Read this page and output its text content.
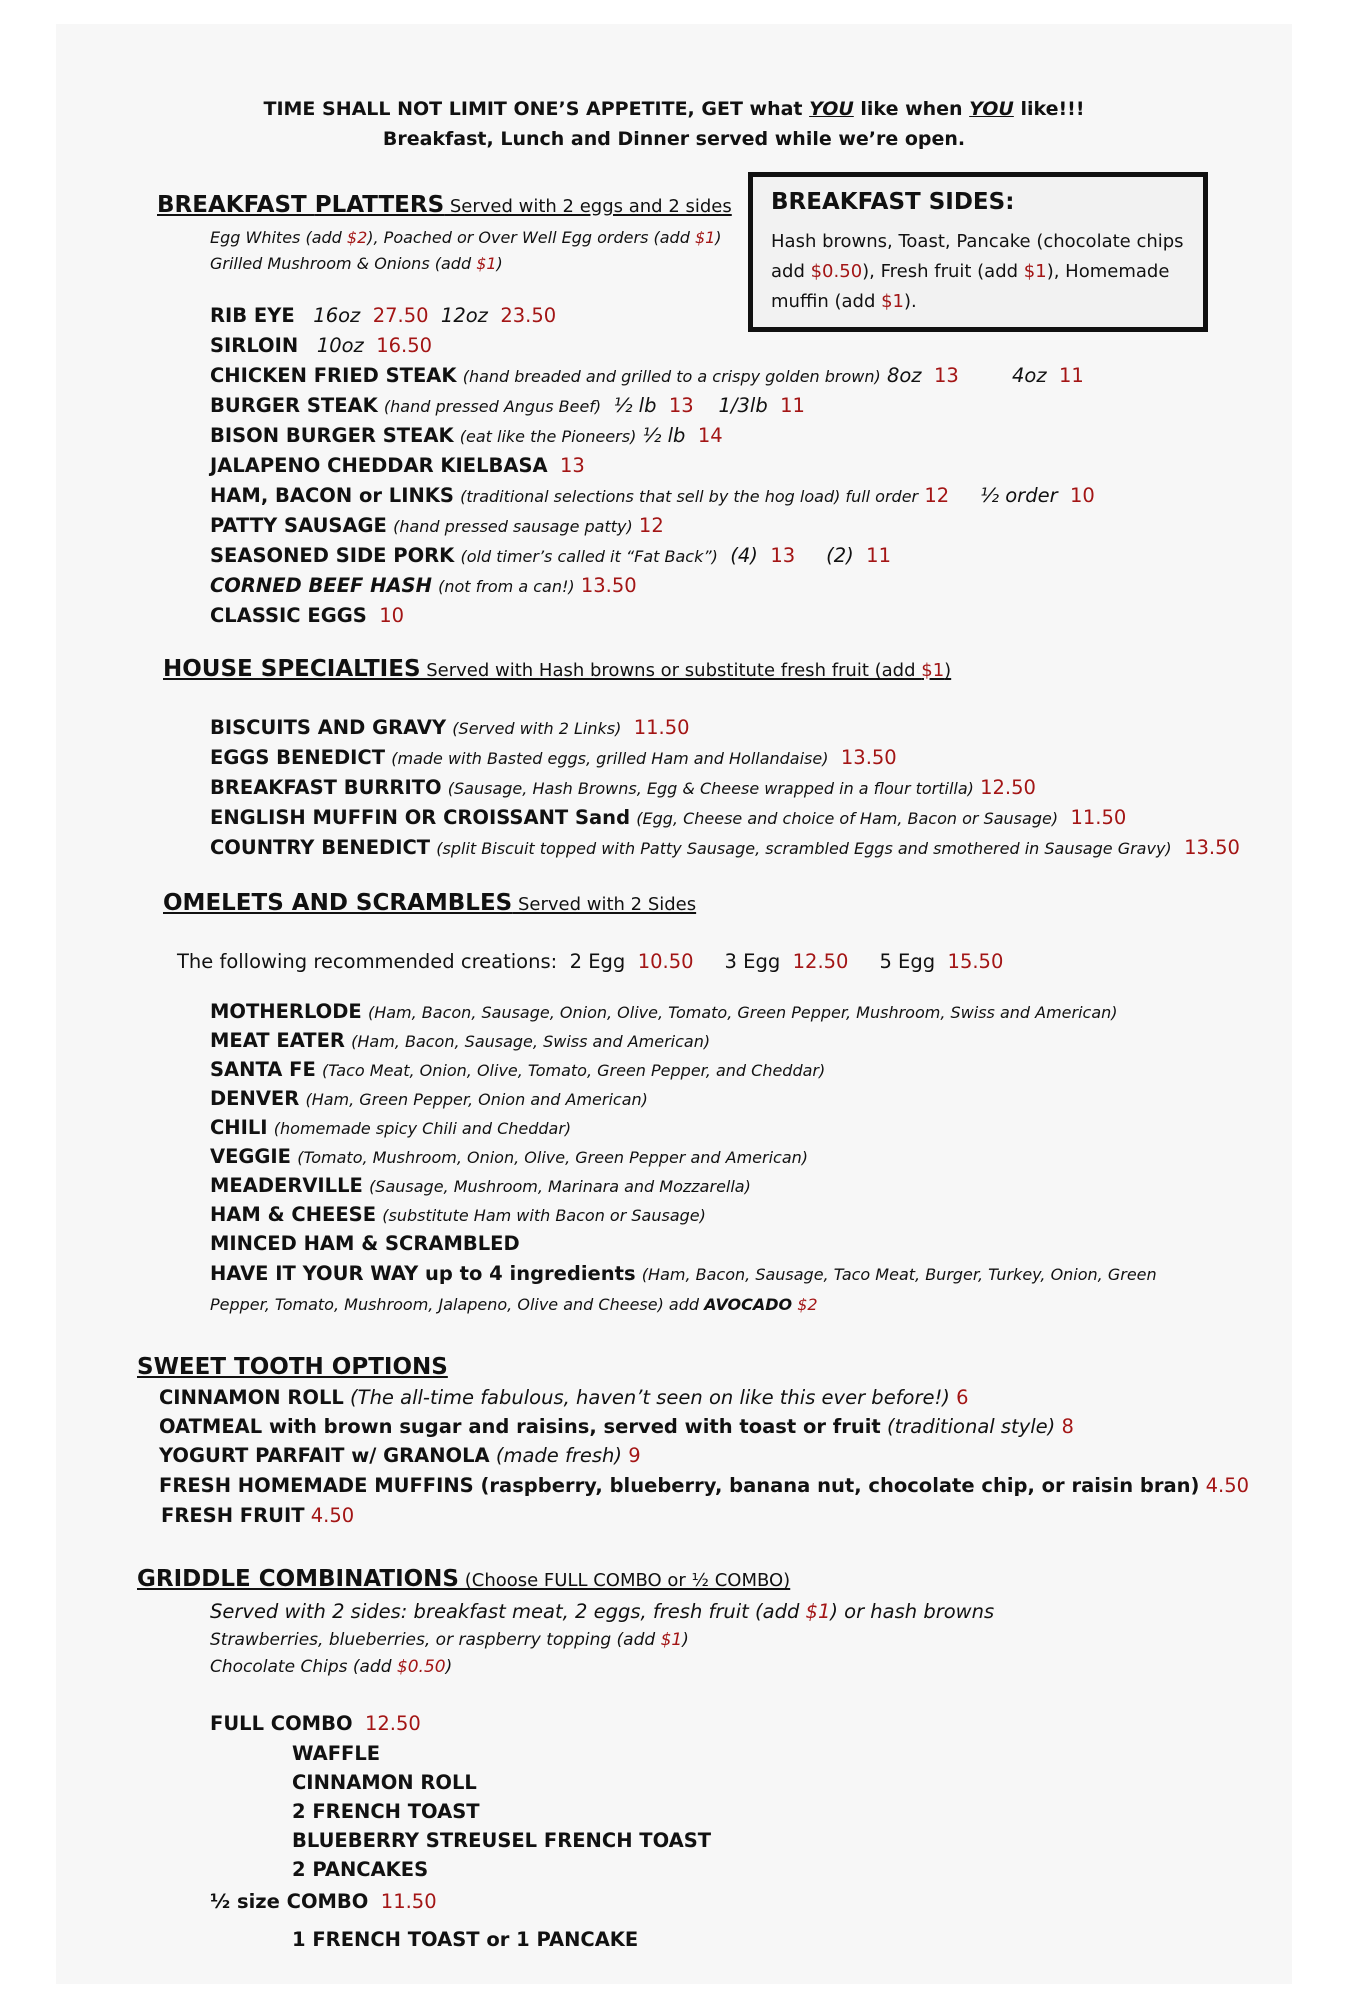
TIME SHALL NOT LIMIT ONE’S APPETITE, GET what YOU like when YOU like!!!
Breakfast, Lunch and Dinner served while we’re open.
BREAKFAST SIDES:
Hash browns, Toast, Pancake (chocolate chips add $0.50), Fresh fruit (add $1), Homemade muffin (add $1).
BREAKFAST PLATTERS Served with 2 eggs and 2 sides
Egg Whites (add $2), Poached or Over Well Egg orders (add $1)
Grilled Mushroom & Onions (add $1)
RIB EYE 16oz 27.50 12oz 23.50
SIRLOIN 10oz 16.50
CHICKEN FRIED STEAK (hand breaded and grilled to a crispy golden brown) 8oz 13	4oz 11
BURGER STEAK (hand pressed Angus Beef) ½ lb 13 1/3lb 11
BISON BURGER STEAK (eat like the Pioneers) ½ lb 14
JALAPENO CHEDDAR KIELBASA 13
HAM, BACON or LINKS (traditional selections that sell by the hog load) full order 12 ½ order 10
PATTY SAUSAGE (hand pressed sausage patty) 12
SEASONED SIDE PORK (old timer’s called it “Fat Back”) (4) 13 (2) 11
CORNED BEEF HASH (not from a can!) 13.50
CLASSIC EGGS 10
HOUSE SPECIALTIES Served with Hash browns or substitute fresh fruit (add $1)
BISCUITS AND GRAVY (Served with 2 Links) 11.50
EGGS BENEDICT (made with Basted eggs, grilled Ham and Hollandaise) 13.50
BREAKFAST BURRITO (Sausage, Hash Browns, Egg & Cheese wrapped in a flour tortilla) 12.50
ENGLISH MUFFIN OR CROISSANT Sand (Egg, Cheese and choice of Ham, Bacon or Sausage) 11.50
COUNTRY BENEDICT (split Biscuit topped with Patty Sausage, scrambled Eggs and smothered in Sausage Gravy) 13.50
OMELETS AND SCRAMBLES Served with 2 Sides
The following recommended creations: 2 Egg 10.50 3 Egg 12.50 5 Egg 15.50
MOTHERLODE (Ham, Bacon, Sausage, Onion, Olive, Tomato, Green Pepper, Mushroom, Swiss and American)
MEAT EATER (Ham, Bacon, Sausage, Swiss and American)
SANTA FE (Taco Meat, Onion, Olive, Tomato, Green Pepper, and Cheddar)
DENVER (Ham, Green Pepper, Onion and American)
CHILI (homemade spicy Chili and Cheddar)
VEGGIE (Tomato, Mushroom, Onion, Olive, Green Pepper and American)
MEADERVILLE (Sausage, Mushroom, Marinara and Mozzarella)
HAM & CHEESE (substitute Ham with Bacon or Sausage)
MINCED HAM & SCRAMBLED
HAVE IT YOUR WAY up to 4 ingredients (Ham, Bacon, Sausage, Taco Meat, Burger, Turkey, Onion, Green
Pepper, Tomato, Mushroom, Jalapeno, Olive and Cheese) add AVOCADO $2
SWEET TOOTH OPTIONS
CINNAMON ROLL (The all-time fabulous, haven’t seen on like this ever before!) 6
OATMEAL with brown sugar and raisins, served with toast or fruit (traditional style) 8
YOGURT PARFAIT w/ GRANOLA (made fresh) 9
FRESH HOMEMADE MUFFINS (raspberry, blueberry, banana nut, chocolate chip, or raisin bran) 4.50
FRESH FRUIT 4.50
GRIDDLE COMBINATIONS (Choose FULL COMBO or ½ COMBO)
Served with 2 sides: breakfast meat, 2 eggs, fresh fruit (add $1) or hash browns
Strawberries, blueberries, or raspberry topping (add $1)
Chocolate Chips (add $0.50)
FULL COMBO 12.50
WAFFLE
CINNAMON ROLL
2 FRENCH TOAST
BLUEBERRY STREUSEL FRENCH TOAST
2 PANCAKES
½ size COMBO 11.50
1 FRENCH TOAST or 1 PANCAKE
